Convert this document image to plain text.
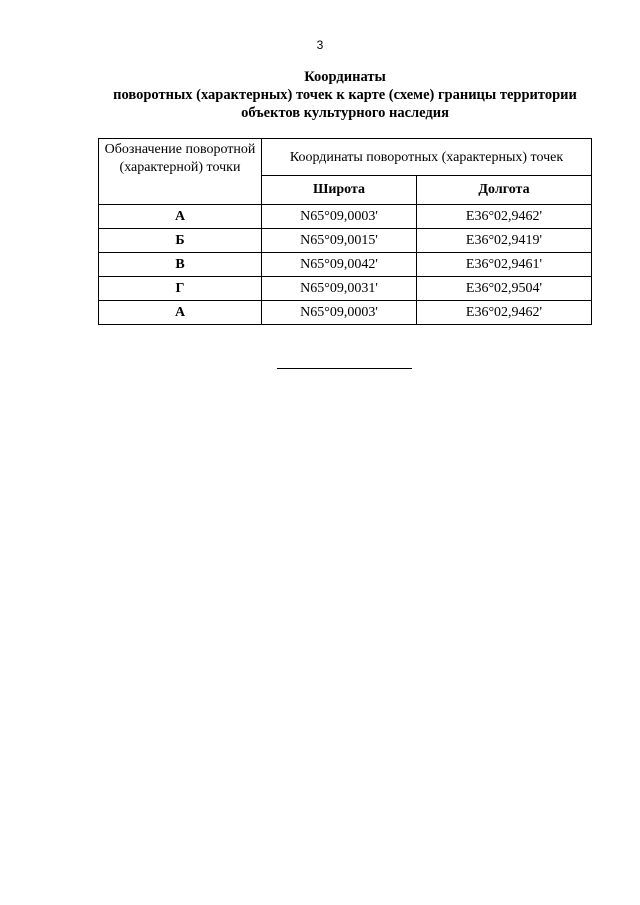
3
Координаты
поворотных (характерных) точек к карте (схеме) границы территории
объектов культурного наследия
Обозначение поворотной (характерной) точки	Координаты поворотных (характерных) точек	
	Широта	Долгота
А	N65°09,0003'	E36°02,9462'
Б	N65°09,0015'	E36°02,9419'
В	N65°09,0042'	E36°02,9461'
Г	N65°09,0031'	E36°02,9504'
А	N65°09,0003'	E36°02,9462'
